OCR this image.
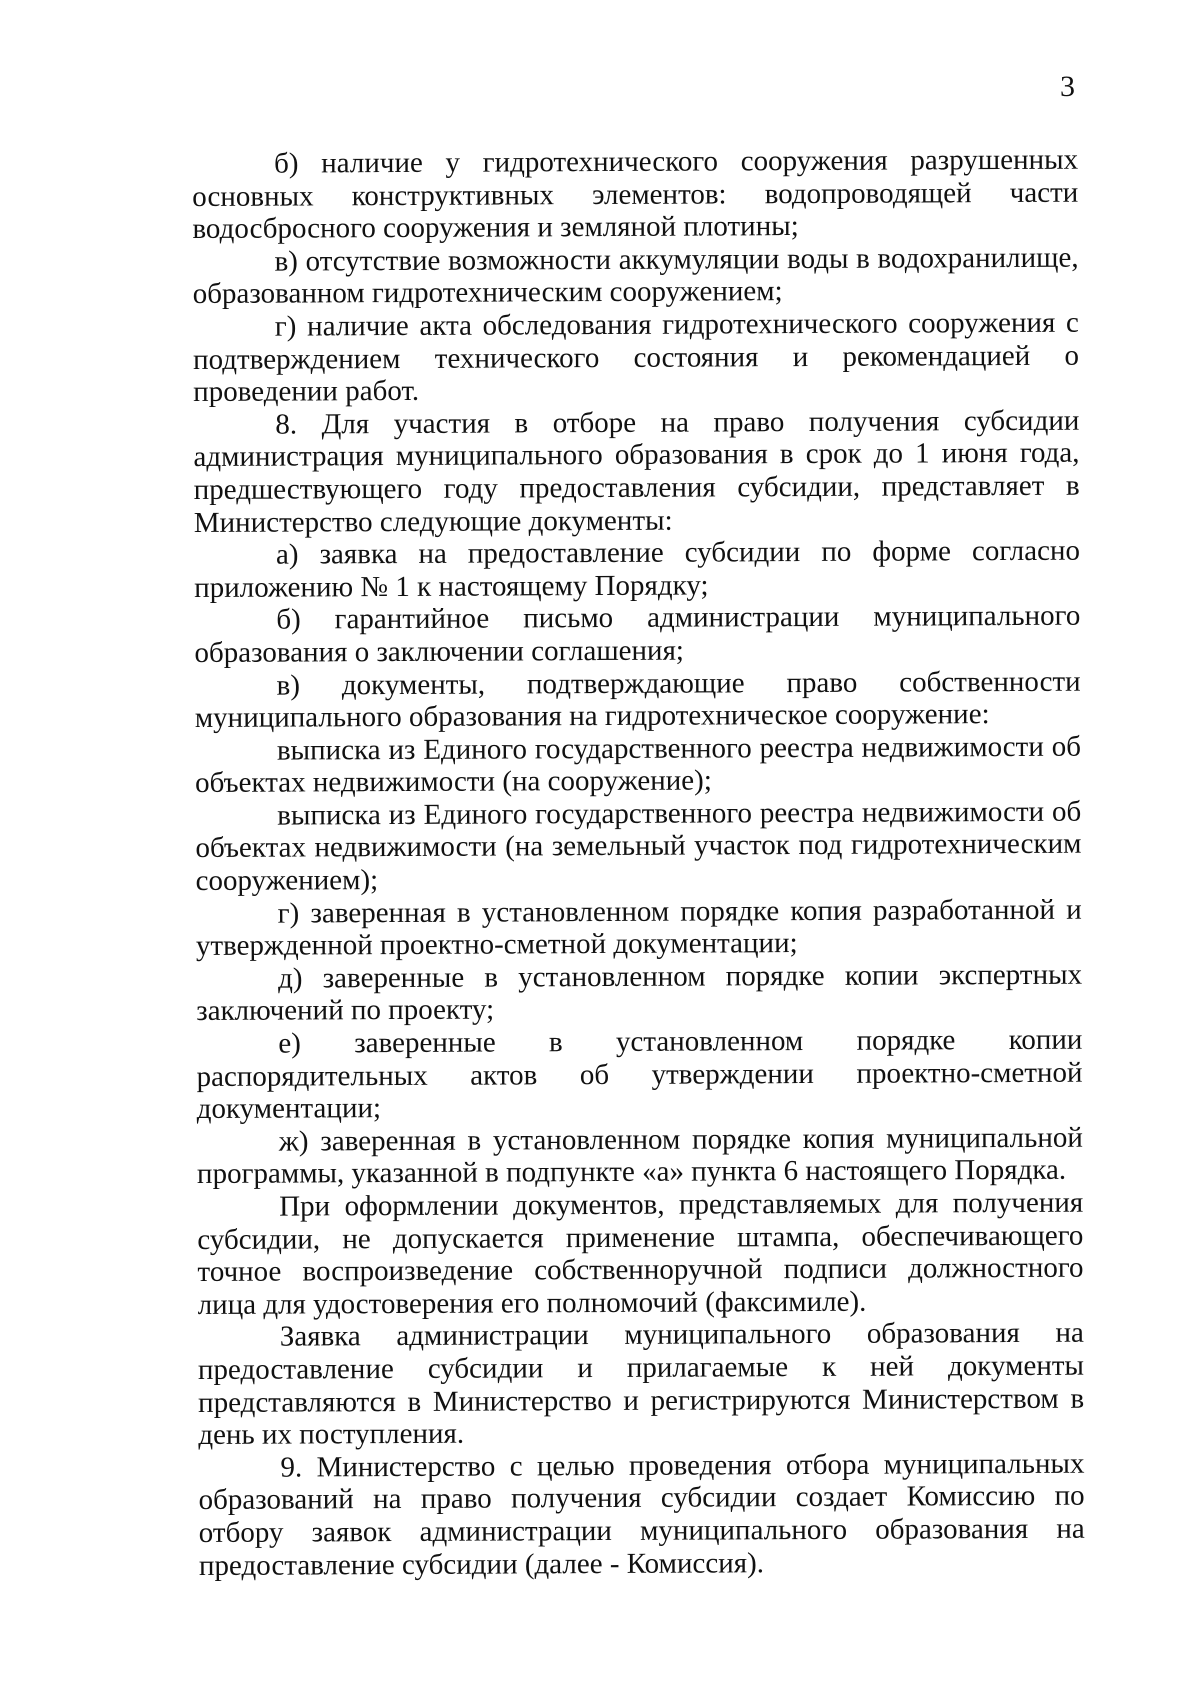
3

б) наличие у гидротехнического сооружения разрушенных основных конструктивных элементов: водопроводящей части водосбросного сооружения и земляной плотины;

в) отсутствие возможности аккумуляции воды в водохранилище, образованном гидротехническим сооружением;

г) наличие акта обследования гидротехнического сооружения с подтверждением технического состояния и рекомендацией о проведении работ.

8. Для участия в отборе на право получения субсидии администрация муниципального образования в срок до 1 июня года, предшествующего году предоставления субсидии, представляет в Министерство следующие документы:

а) заявка на предоставление субсидии по форме согласно приложению № 1 к настоящему Порядку;

б) гарантийное письмо администрации муниципального образования о заключении соглашения;

в) документы, подтверждающие право собственности муниципального образования на гидротехническое сооружение:

выписка из Единого государственного реестра недвижимости об объектах недвижимости (на сооружение);

выписка из Единого государственного реестра недвижимости об объектах недвижимости (на земельный участок под гидротехническим сооружением);

г) заверенная в установленном порядке копия разработанной и утвержденной проектно-сметной документации;

д) заверенные в установленном порядке копии экспертных заключений по проекту;

е) заверенные в установленном порядке копии распорядительных актов об утверждении проектно-сметной документации;

ж) заверенная в установленном порядке копия муниципальной программы, указанной в подпункте «а» пункта 6 настоящего Порядка.

При оформлении документов, представляемых для получения субсидии, не допускается применение штампа, обеспечивающего точное воспроизведение собственноручной подписи должностного лица для удостоверения его полномочий (факсимиле).

Заявка администрации муниципального образования на предоставление субсидии и прилагаемые к ней документы представляются в Министерство и регистрируются Министерством в день их поступления.

9. Министерство с целью проведения отбора муниципальных образований на право получения субсидии создает Комиссию по отбору заявок администрации муниципального образования на предоставление субсидии (далее - Комиссия).
